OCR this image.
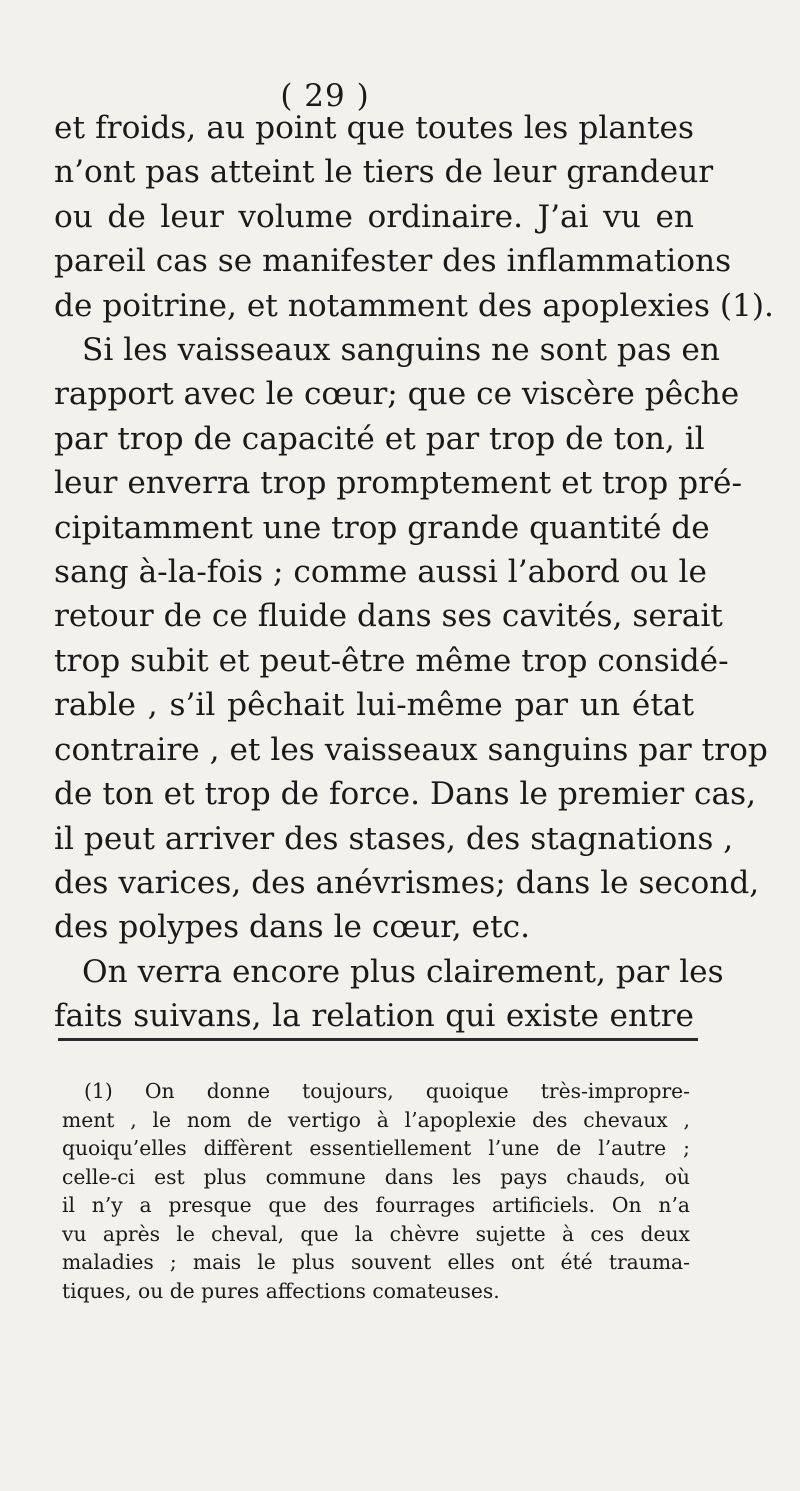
( 29 )
et froids, au point que toutes les plantes
n’ont pas atteint le tiers de leur grandeur
ou de leur volume ordinaire. J’ai vu en
pareil cas se manifester des inflammations
de poitrine, et notamment des apoplexies (1).
Si les vaisseaux sanguins ne sont pas en
rapport avec le cœur; que ce viscère pêche
par trop de capacité et par trop de ton, il
leur enverra trop promptement et trop pré-
cipitamment une trop grande quantité de
sang à-la-fois ; comme aussi l’abord ou le
retour de ce fluide dans ses cavités, serait
trop subit et peut-être même trop considé-
rable , s’il pêchait lui-même par un état
contraire , et les vaisseaux sanguins par trop
de ton et trop de force. Dans le premier cas,
il peut arriver des stases, des stagnations ,
des varices, des anévrismes; dans le second,
des polypes dans le cœur, etc.
On verra encore plus clairement, par les
faits suivans, la relation qui existe entre
(1) On donne toujours, quoique très-impropre-
ment , le nom de vertigo à l’apoplexie des chevaux ,
quoiqu’elles diffèrent essentiellement l’une de l’autre ;
celle-ci est plus commune dans les pays chauds, où
il n’y a presque que des fourrages artificiels. On n’a
vu après le cheval, que la chèvre sujette à ces deux
maladies ; mais le plus souvent elles ont été trauma-
tiques, ou de pures affections comateuses.
